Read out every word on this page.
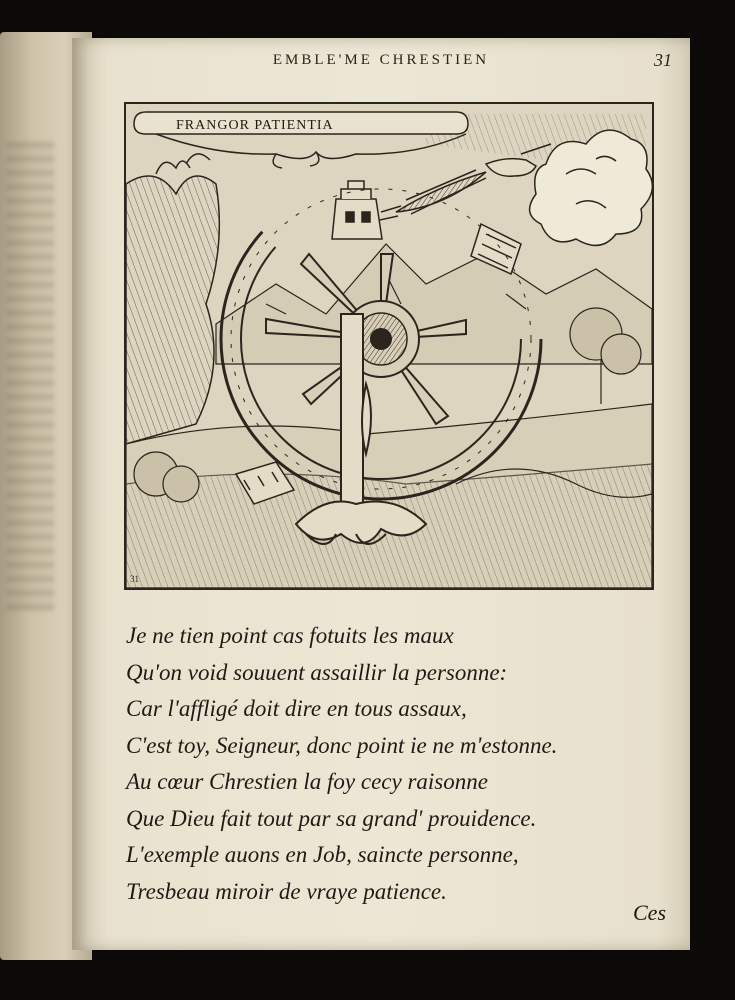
EMBLE'ME CHRESTIEN	31
FRANGOR PATIENTIA
31
Je ne tien point cas fotuits les maux
Qu'on void souuent assaillir la personne:
Car l'affligé doit dire en tous assaux,
C'est toy, Seigneur, donc point ie ne m'estonne.
Au cœur Chrestien la foy cecy raisonne
Que Dieu fait tout par sa grand' prouidence.
L'exemple auons en Job, saincte personne,
Tresbeau miroir de vraye patience.
Ces
